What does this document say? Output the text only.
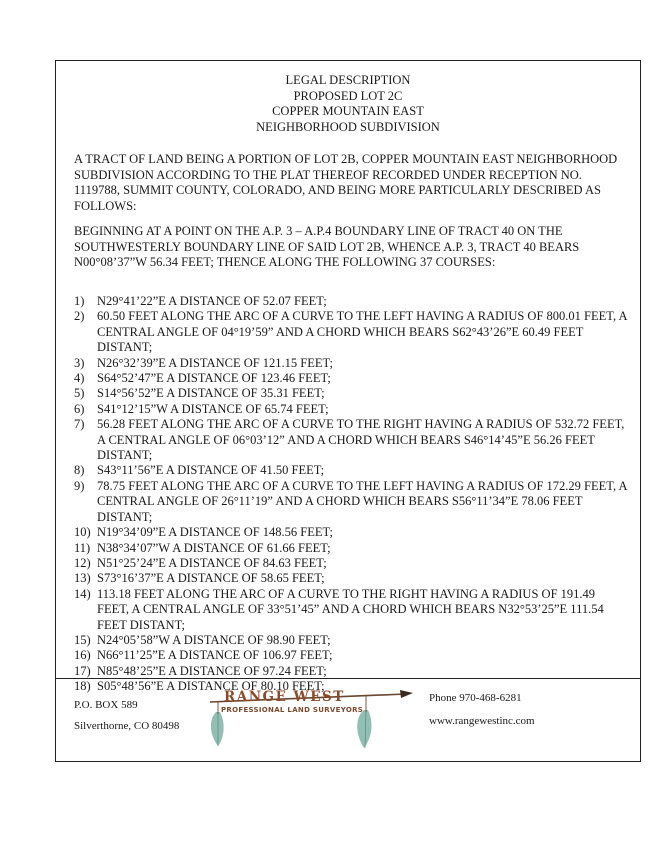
LEGAL DESCRIPTION
PROPOSED LOT 2C
COPPER MOUNTAIN EAST
NEIGHBORHOOD SUBDIVISION
A TRACT OF LAND BEING A PORTION OF LOT 2B, COPPER MOUNTAIN EAST NEIGHBORHOOD SUBDIVISION ACCORDING TO THE PLAT THEREOF RECORDED UNDER RECEPTION NO. 1119788, SUMMIT COUNTY, COLORADO, AND BEING MORE PARTICULARLY DESCRIBED AS FOLLOWS:
BEGINNING AT A POINT ON THE A.P. 3 – A.P.4 BOUNDARY LINE OF TRACT 40 ON THE SOUTHWESTERLY BOUNDARY LINE OF SAID LOT 2B, WHENCE A.P. 3, TRACT 40 BEARS N00°08’37”W 56.34 FEET; THENCE ALONG THE FOLLOWING 37 COURSES:
1)	N29°41’22”E A DISTANCE OF 52.07 FEET;
2)	60.50 FEET ALONG THE ARC OF A CURVE TO THE LEFT HAVING A RADIUS OF 800.01 FEET, A CENTRAL ANGLE OF 04°19’59” AND A CHORD WHICH BEARS S62°43’26”E 60.49 FEET DISTANT;
3)	N26°32’39”E A DISTANCE OF 121.15 FEET;
4)	S64°52’47”E A DISTANCE OF 123.46 FEET;
5)	S14°56’52”E A DISTANCE OF 35.31 FEET;
6)	S41°12’15”W A DISTANCE OF 65.74 FEET;
7)	56.28 FEET ALONG THE ARC OF A CURVE TO THE RIGHT HAVING A RADIUS OF 532.72 FEET, A CENTRAL ANGLE OF 06°03’12” AND A CHORD WHICH BEARS S46°14’45”E 56.26 FEET DISTANT;
8)	S43°11’56”E A DISTANCE OF 41.50 FEET;
9)	78.75 FEET ALONG THE ARC OF A CURVE TO THE LEFT HAVING A RADIUS OF 172.29 FEET, A CENTRAL ANGLE OF 26°11’19” AND A CHORD WHICH BEARS S56°11’34”E 78.06 FEET DISTANT;
10) N19°34’09”E A DISTANCE OF 148.56 FEET;
11) N38°34’07”W A DISTANCE OF 61.66 FEET;
12) N51°25’24”E A DISTANCE OF 84.63 FEET;
13) S73°16’37”E A DISTANCE OF 58.65 FEET;
14) 113.18 FEET ALONG THE ARC OF A CURVE TO THE RIGHT HAVING A RADIUS OF 191.49 FEET, A CENTRAL ANGLE OF 33°51’45” AND A CHORD WHICH BEARS N32°53’25”E 111.54 FEET DISTANT;
15) N24°05’58”W A DISTANCE OF 98.90 FEET;
16) N66°11’25”E A DISTANCE OF 106.97 FEET;
17) N85°48’25”E A DISTANCE OF 97.24 FEET;
18) S05°48’56”E A DISTANCE OF 80.10 FEET;
P.O. BOX 589
Silverthorne, CO 80498
RANGE WEST
PROFESSIONAL LAND SURVEYORS
Phone 970-468-6281
www.rangewestinc.com
